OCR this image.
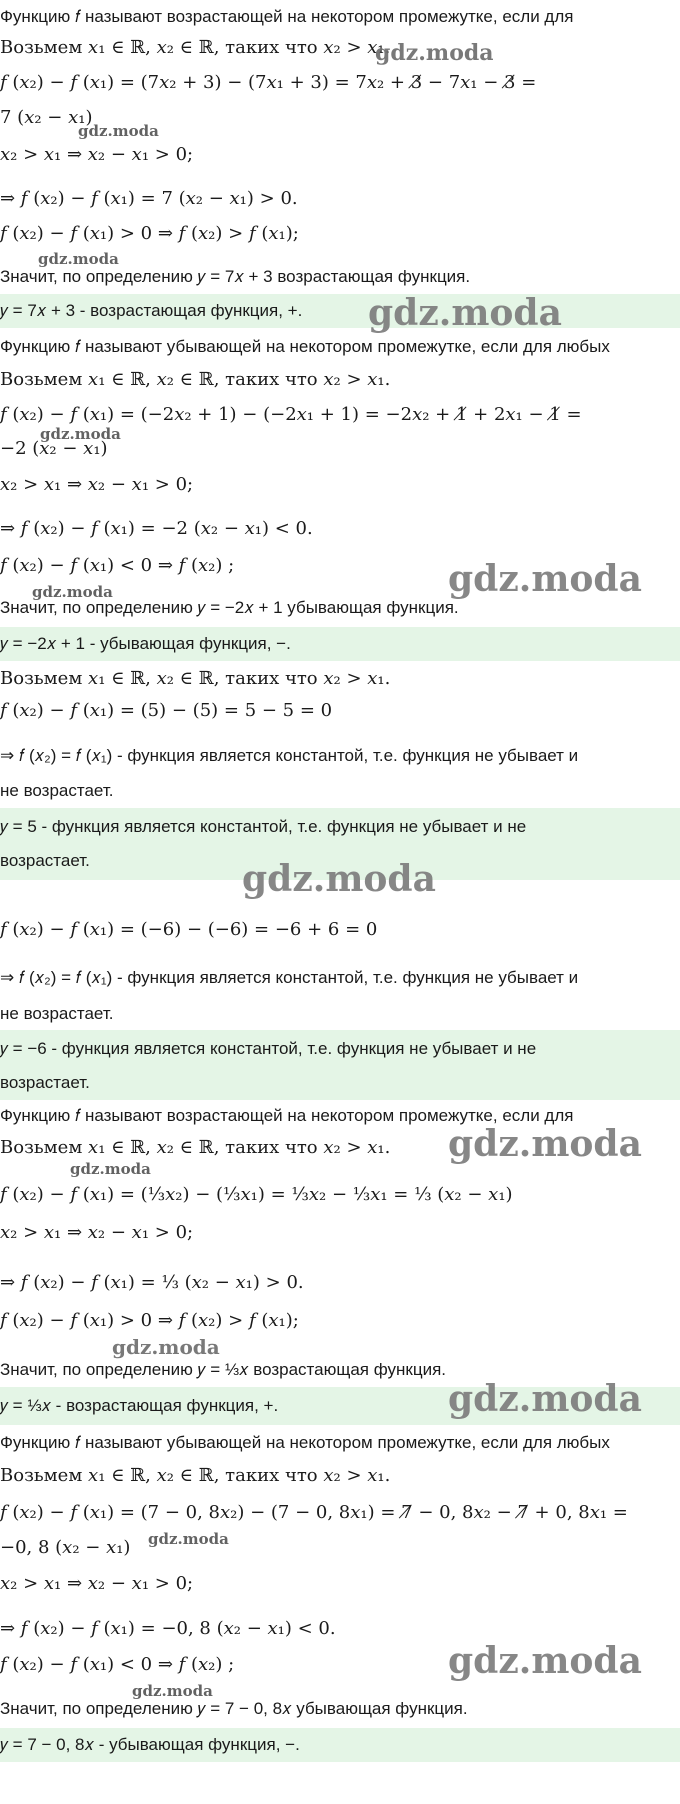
Функцию 𝑓 называют возрастающей на некотором промежутке, если для
Возьмем 𝑥₁ ∈ ℝ, 𝑥₂ ∈ ℝ, таких что 𝑥₂ > 𝑥₁.
𝑓 (𝑥₂) − 𝑓 (𝑥₁) = (7𝑥₂ + 3) − (7𝑥₁ + 3) = 7𝑥₂ + 3̸ − 7𝑥₁ − 3̸ =
7 (𝑥₂ − 𝑥₁)
𝑥₂ > 𝑥₁ ⇒ 𝑥₂ − 𝑥₁ > 0;
⇒ 𝑓 (𝑥₂) − 𝑓 (𝑥₁) = 7 (𝑥₂ − 𝑥₁) > 0.
𝑓 (𝑥₂) − 𝑓 (𝑥₁) > 0 ⇒ 𝑓 (𝑥₂) > 𝑓 (𝑥₁);
Значит, по определению 𝑦 = 7𝑥 + 3 возрастающая функция.
𝑦 = 7𝑥 + 3 - возрастающая функция, +.
Функцию 𝑓 называют убывающей на некотором промежутке, если для любых
Возьмем 𝑥₁ ∈ ℝ, 𝑥₂ ∈ ℝ, таких что 𝑥₂ > 𝑥₁.
𝑓 (𝑥₂) − 𝑓 (𝑥₁) = (−2𝑥₂ + 1) − (−2𝑥₁ + 1) = −2𝑥₂ + 1̸ + 2𝑥₁ − 1̸ =
−2 (𝑥₂ − 𝑥₁)
𝑥₂ > 𝑥₁ ⇒ 𝑥₂ − 𝑥₁ > 0;
⇒ 𝑓 (𝑥₂) − 𝑓 (𝑥₁) = −2 (𝑥₂ − 𝑥₁) < 0.
𝑓 (𝑥₂) − 𝑓 (𝑥₁) < 0 ⇒ 𝑓 (𝑥₂) ;
Значит, по определению 𝑦 = −2𝑥 + 1 убывающая функция.
𝑦 = −2𝑥 + 1 - убывающая функция, −.
Возьмем 𝑥₁ ∈ ℝ, 𝑥₂ ∈ ℝ, таких что 𝑥₂ > 𝑥₁.
𝑓 (𝑥₂) − 𝑓 (𝑥₁) = (5) − (5) = 5 − 5 = 0
⇒ 𝑓 (𝑥₂) = 𝑓 (𝑥₁) - функция является константой, т.е. функция не убывает и
не возрастает.
𝑦 = 5 - функция является константой, т.е. функция не убывает и не
возрастает.
𝑓 (𝑥₂) − 𝑓 (𝑥₁) = (−6) − (−6) = −6 + 6 = 0
⇒ 𝑓 (𝑥₂) = 𝑓 (𝑥₁) - функция является константой, т.е. функция не убывает и
не возрастает.
𝑦 = −6 - функция является константой, т.е. функция не убывает и не
возрастает.
Функцию 𝑓 называют возрастающей на некотором промежутке, если для
Возьмем 𝑥₁ ∈ ℝ, 𝑥₂ ∈ ℝ, таких что 𝑥₂ > 𝑥₁.
𝑓 (𝑥₂) − 𝑓 (𝑥₁) = (⅓𝑥₂) − (⅓𝑥₁) = ⅓𝑥₂ − ⅓𝑥₁ = ⅓ (𝑥₂ − 𝑥₁)
𝑥₂ > 𝑥₁ ⇒ 𝑥₂ − 𝑥₁ > 0;
⇒ 𝑓 (𝑥₂) − 𝑓 (𝑥₁) = ⅓ (𝑥₂ − 𝑥₁) > 0.
𝑓 (𝑥₂) − 𝑓 (𝑥₁) > 0 ⇒ 𝑓 (𝑥₂) > 𝑓 (𝑥₁);
Значит, по определению 𝑦 = ⅓𝑥 возрастающая функция.
𝑦 = ⅓𝑥 - возрастающая функция, +.
Функцию 𝑓 называют убывающей на некотором промежутке, если для любых
Возьмем 𝑥₁ ∈ ℝ, 𝑥₂ ∈ ℝ, таких что 𝑥₂ > 𝑥₁.
𝑓 (𝑥₂) − 𝑓 (𝑥₁) = (7 − 0, 8𝑥₂) − (7 − 0, 8𝑥₁) = 7̸ − 0, 8𝑥₂ − 7̸ + 0, 8𝑥₁ =
−0, 8 (𝑥₂ − 𝑥₁)
𝑥₂ > 𝑥₁ ⇒ 𝑥₂ − 𝑥₁ > 0;
⇒ 𝑓 (𝑥₂) − 𝑓 (𝑥₁) = −0, 8 (𝑥₂ − 𝑥₁) < 0.
𝑓 (𝑥₂) − 𝑓 (𝑥₁) < 0 ⇒ 𝑓 (𝑥₂) ;
Значит, по определению 𝑦 = 7 − 0, 8𝑥 убывающая функция.
𝑦 = 7 − 0, 8𝑥 - убывающая функция, −.
gdz.moda
gdz.moda
gdz.moda
gdz.moda
gdz.moda
gdz.moda
gdz.moda
gdz.moda
gdz.moda
gdz.moda
gdz.moda
gdz.moda
gdz.moda
gdz.moda
gdz.moda
